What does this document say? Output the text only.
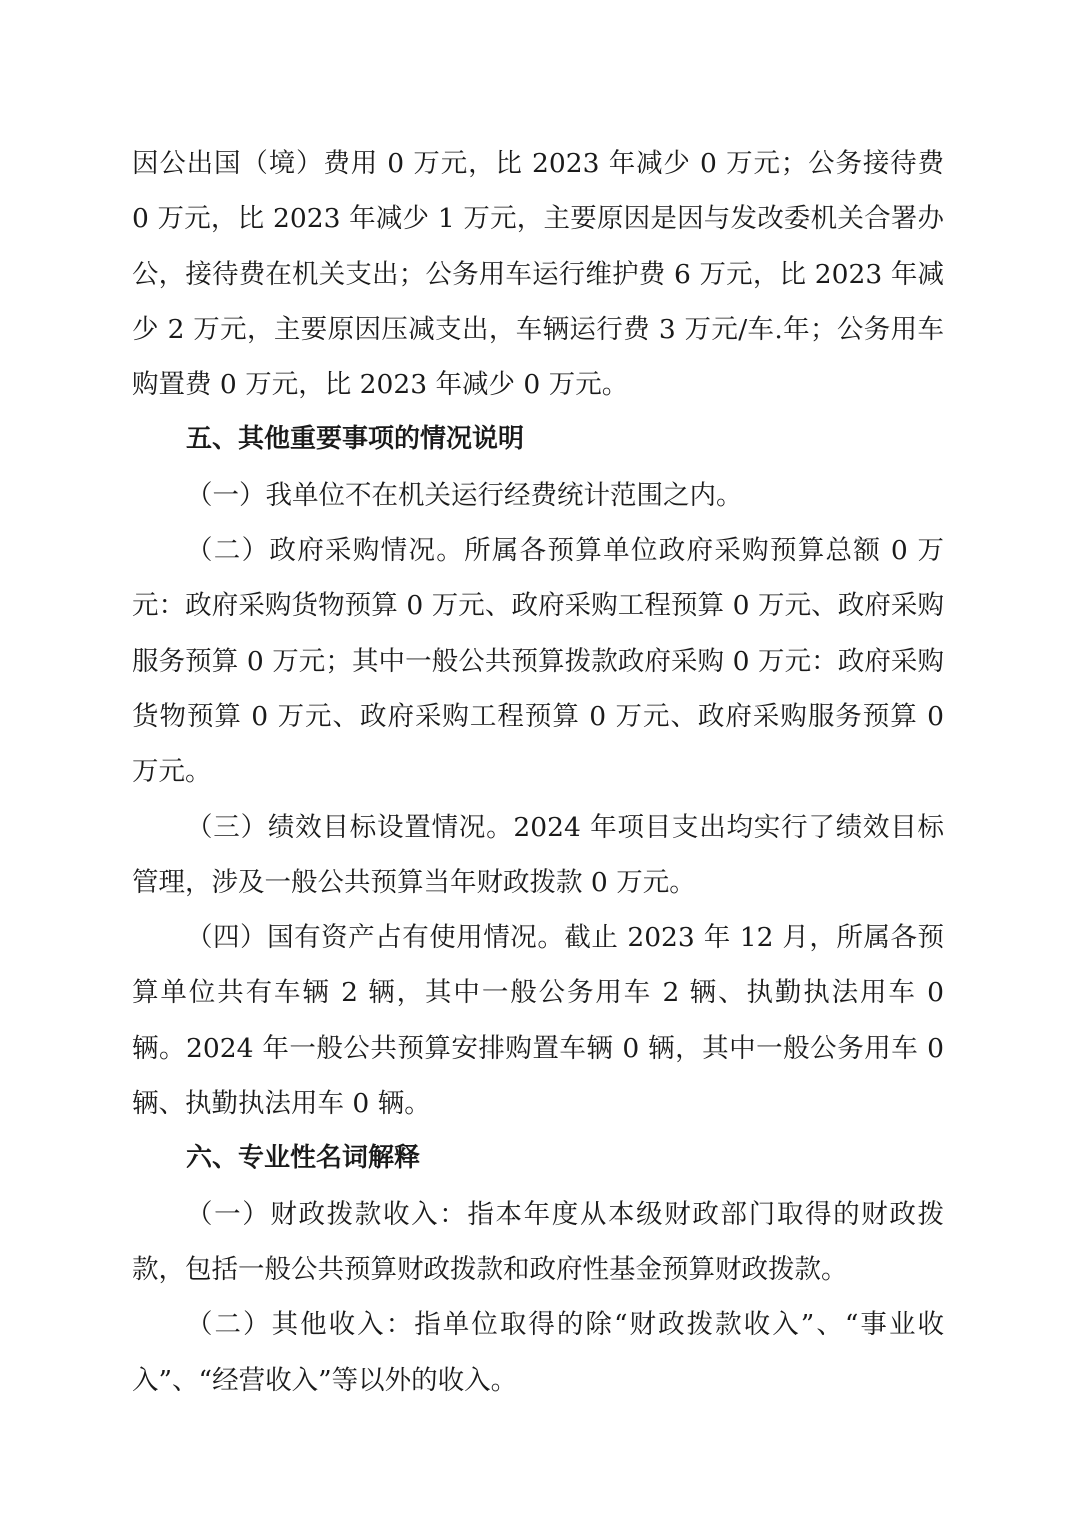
因公出国（境）费用 0 万元，比 2023 年减少 0 万元；公务接待费 0 万元，比 2023 年减少 1 万元，主要原因是因与发改委机关合署办公，接待费在机关支出；公务用车运行维护费 6 万元，比 2023 年减少 2 万元，主要原因压减支出，车辆运行费 3 万元/车.年；公务用车购置费 0 万元，比 2023 年减少 0 万元。

五、其他重要事项的情况说明

（一）我单位不在机关运行经费统计范围之内。

（二）政府采购情况。所属各预算单位政府采购预算总额 0 万元：政府采购货物预算 0 万元、政府采购工程预算 0 万元、政府采购服务预算 0 万元；其中一般公共预算拨款政府采购 0 万元：政府采购货物预算 0 万元、政府采购工程预算 0 万元、政府采购服务预算 0 万元。

（三）绩效目标设置情况。2024 年项目支出均实行了绩效目标管理，涉及一般公共预算当年财政拨款 0 万元。

（四）国有资产占有使用情况。截止 2023 年 12 月，所属各预算单位共有车辆 2 辆，其中一般公务用车 2 辆、执勤执法用车 0 辆。2024 年一般公共预算安排购置车辆 0 辆，其中一般公务用车 0 辆、执勤执法用车 0 辆。

六、专业性名词解释

（一）财政拨款收入：指本年度从本级财政部门取得的财政拨款，包括一般公共预算财政拨款和政府性基金预算财政拨款。

（二）其他收入：指单位取得的除“财政拨款收入”、“事业收入”、“经营收入”等以外的收入。
